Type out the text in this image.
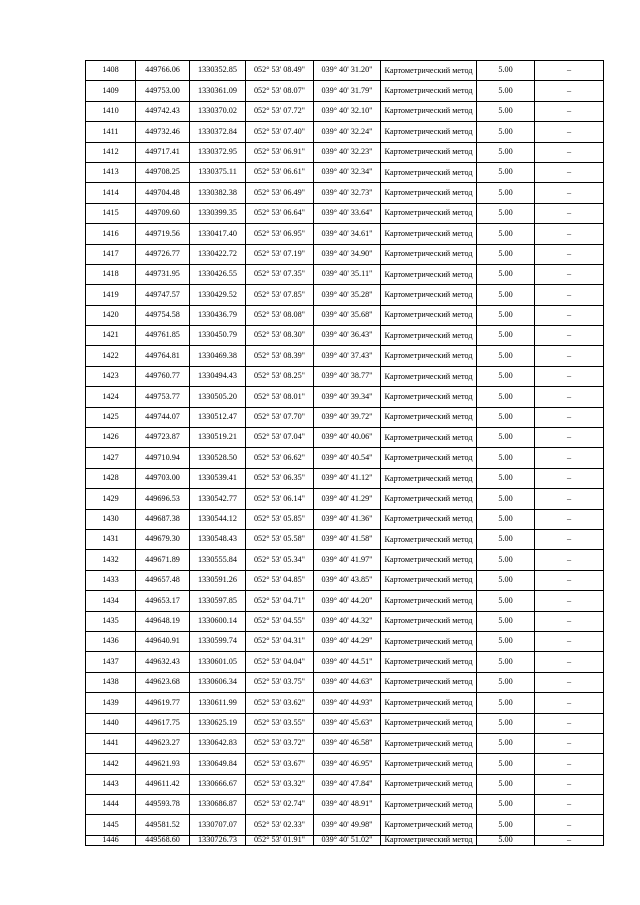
1408	449766.06	1330352.85	052° 53' 08.49"	039° 40' 31.20"	Картометрический метод	5.00	–
1409	449753.00	1330361.09	052° 53' 08.07"	039° 40' 31.79"	Картометрический метод	5.00	–
1410	449742.43	1330370.02	052° 53' 07.72"	039° 40' 32.10"	Картометрический метод	5.00	–
1411	449732.46	1330372.84	052° 53' 07.40"	039° 40' 32.24"	Картометрический метод	5.00	–
1412	449717.41	1330372.95	052° 53' 06.91"	039° 40' 32.23"	Картометрический метод	5.00	–
1413	449708.25	1330375.11	052° 53' 06.61"	039° 40' 32.34"	Картометрический метод	5.00	–
1414	449704.48	1330382.38	052° 53' 06.49"	039° 40' 32.73"	Картометрический метод	5.00	–
1415	449709.60	1330399.35	052° 53' 06.64"	039° 40' 33.64"	Картометрический метод	5.00	–
1416	449719.56	1330417.40	052° 53' 06.95"	039° 40' 34.61"	Картометрический метод	5.00	–
1417	449726.77	1330422.72	052° 53' 07.19"	039° 40' 34.90"	Картометрический метод	5.00	–
1418	449731.95	1330426.55	052° 53' 07.35"	039° 40' 35.11"	Картометрический метод	5.00	–
1419	449747.57	1330429.52	052° 53' 07.85"	039° 40' 35.28"	Картометрический метод	5.00	–
1420	449754.58	1330436.79	052° 53' 08.08"	039° 40' 35.68"	Картометрический метод	5.00	–
1421	449761.85	1330450.79	052° 53' 08.30"	039° 40' 36.43"	Картометрический метод	5.00	–
1422	449764.81	1330469.38	052° 53' 08.39"	039° 40' 37.43"	Картометрический метод	5.00	–
1423	449760.77	1330494.43	052° 53' 08.25"	039° 40' 38.77"	Картометрический метод	5.00	–
1424	449753.77	1330505.20	052° 53' 08.01"	039° 40' 39.34"	Картометрический метод	5.00	–
1425	449744.07	1330512.47	052° 53' 07.70"	039° 40' 39.72"	Картометрический метод	5.00	–
1426	449723.87	1330519.21	052° 53' 07.04"	039° 40' 40.06"	Картометрический метод	5.00	–
1427	449710.94	1330528.50	052° 53' 06.62"	039° 40' 40.54"	Картометрический метод	5.00	–
1428	449703.00	1330539.41	052° 53' 06.35"	039° 40' 41.12"	Картометрический метод	5.00	–
1429	449696.53	1330542.77	052° 53' 06.14"	039° 40' 41.29"	Картометрический метод	5.00	–
1430	449687.38	1330544.12	052° 53' 05.85"	039° 40' 41.36"	Картометрический метод	5.00	–
1431	449679.30	1330548.43	052° 53' 05.58"	039° 40' 41.58"	Картометрический метод	5.00	–
1432	449671.89	1330555.84	052° 53' 05.34"	039° 40' 41.97"	Картометрический метод	5.00	–
1433	449657.48	1330591.26	052° 53' 04.85"	039° 40' 43.85"	Картометрический метод	5.00	–
1434	449653.17	1330597.85	052° 53' 04.71"	039° 40' 44.20"	Картометрический метод	5.00	–
1435	449648.19	1330600.14	052° 53' 04.55"	039° 40' 44.32"	Картометрический метод	5.00	–
1436	449640.91	1330599.74	052° 53' 04.31"	039° 40' 44.29"	Картометрический метод	5.00	–
1437	449632.43	1330601.05	052° 53' 04.04"	039° 40' 44.51"	Картометрический метод	5.00	–
1438	449623.68	1330606.34	052° 53' 03.75"	039° 40' 44.63"	Картометрический метод	5.00	–
1439	449619.77	1330611.99	052° 53' 03.62"	039° 40' 44.93"	Картометрический метод	5.00	–
1440	449617.75	1330625.19	052° 53' 03.55"	039° 40' 45.63"	Картометрический метод	5.00	–
1441	449623.27	1330642.83	052° 53' 03.72"	039° 40' 46.58"	Картометрический метод	5.00	–
1442	449621.93	1330649.84	052° 53' 03.67"	039° 40' 46.95"	Картометрический метод	5.00	–
1443	449611.42	1330666.67	052° 53' 03.32"	039° 40' 47.84"	Картометрический метод	5.00	–
1444	449593.78	1330686.87	052° 53' 02.74"	039° 40' 48.91"	Картометрический метод	5.00	–
1445	449581.52	1330707.07	052° 53' 02.33"	039° 40' 49.98"	Картометрический метод	5.00	–
1446	449568.60	1330726.73	052° 53' 01.91"	039° 40' 51.02"	Картометрический метод	5.00	–
